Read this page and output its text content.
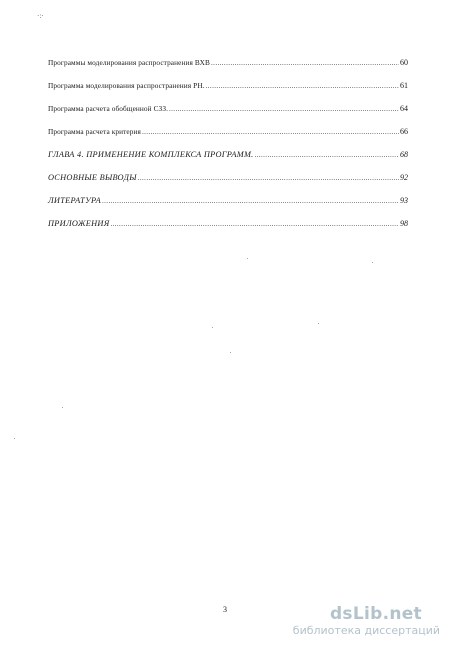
·:·
Программы моделирования распространения ВХВ .....	60
Программа моделирования распространения РН. .....	61
Программа расчета обобщенной СЗЗ. .....	64
Программа расчета критерия .....	66
ГЛАВА 4. ПРИМЕНЕНИЕ КОМПЛЕКСА ПРОГРАММ. .....	68
ОСНОВНЫЕ ВЫВОДЫ .....	92
ЛИТЕРАТУРА .....	93
ПРИЛОЖЕНИЯ .....	98
3	dsLib.net
библиотека диссертаций
